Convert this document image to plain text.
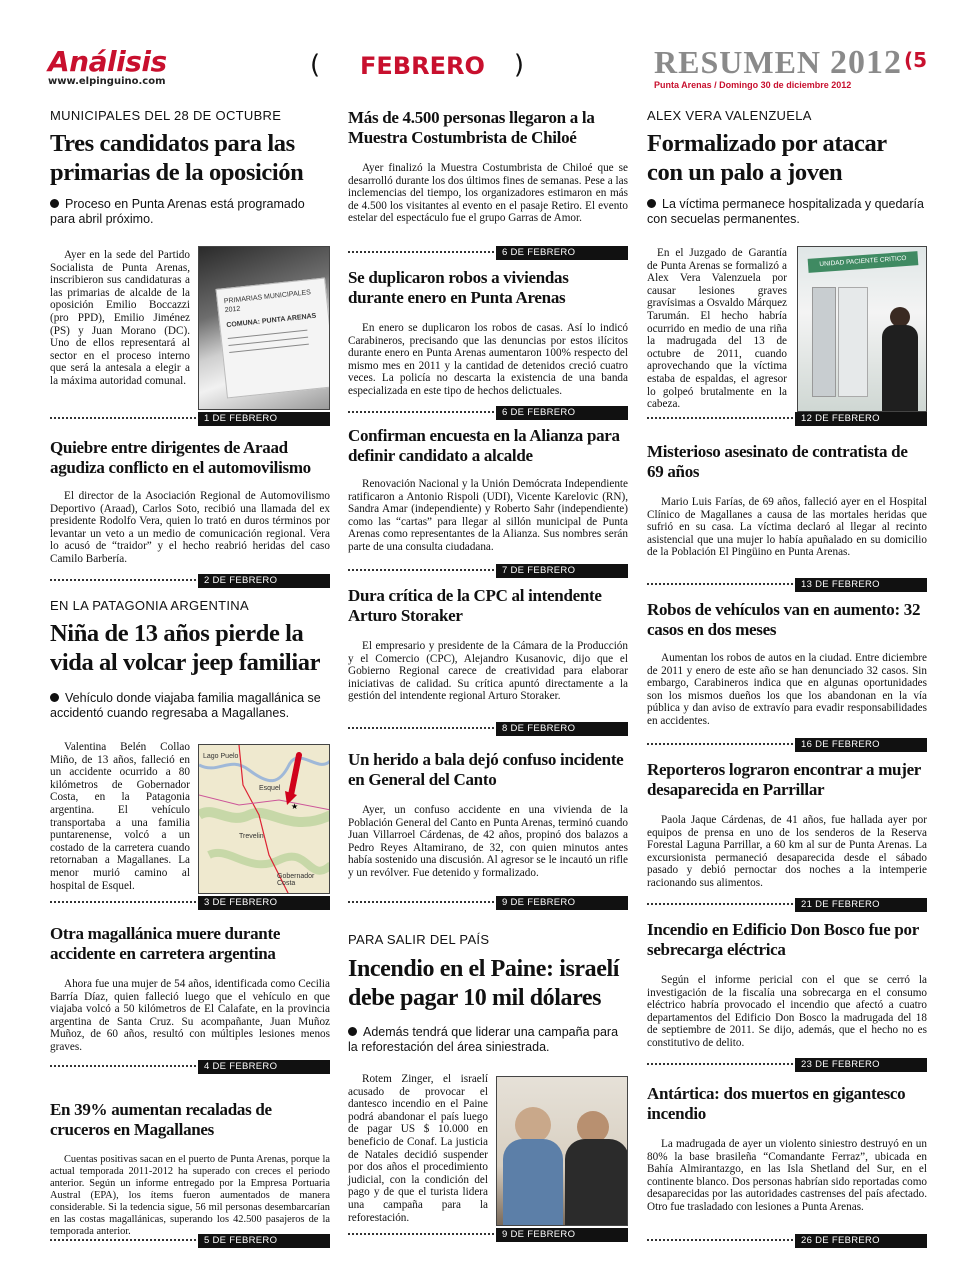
Análisis
www.elpinguino.com
( FEBRERO )	RESUMEN 2012 (5
Punta Arenas / Domingo 30 de diciembre 2012
MUNICIPALES DEL 28 DE OCTUBRE
Tres candidatos para las primarias de la oposición
Proceso en Punta Arenas está programado para abril próximo.
Ayer en la sede del Partido Socialista de Punta Arenas, inscribieron sus candidaturas a las primarias de alcalde de la oposición Emilio Boccazzi (pro PPD), Emilio Jiménez (PS) y Juan Morano (DC). Uno de ellos representará al sector en el proceso interno que será la antesala a elegir a la máxima autoridad comunal.
PRIMARIAS MUNICIPALES
2012
COMUNA: PUNTA ARENAS
1 DE FEBRERO
Quiebre entre dirigentes de Araad agudiza conflicto en el automovilismo
El director de la Asociación Regional de Automovilismo Deportivo (Araad), Carlos Soto, recibió una llamada del ex presidente Rodolfo Vera, quien lo trató en duros términos por levantar un veto a un medio de comunicación regional. Vera lo acusó de “traidor” y el hecho reabrió heridas del caso Camilo Barbería.
2 DE FEBRERO
EN LA PATAGONIA ARGENTINA
Niña de 13 años pierde la vida al volcar jeep familiar
Vehículo donde viajaba familia magallánica se accidentó cuando regresaba a Magallanes.
Valentina Belén Collao Miño, de 13 años, falleció en un accidente ocurrido a 80 kilómetros de Gobernador Costa, en la Patagonia argentina. El vehículo transportaba a una familia puntarenense, volcó a un costado de la carretera cuando retornaban a Magallanes. La menor murió camino al hospital de Esquel.
★
Lago Puelo
Esquel
Trevelin
Gobernador Costa
3 DE FEBRERO
Otra magallánica muere durante accidente en carretera argentina
Ahora fue una mujer de 54 años, identificada como Cecilia Barría Díaz, quien falleció luego que el vehículo en que viajaba volcó a 50 kilómetros de El Calafate, en la provincia argentina de Santa Cruz. Su acompañante, Juan Muñoz Muñoz, de 60 años, resultó con múltiples lesiones menos graves.
4 DE FEBRERO
En 39% aumentan recaladas de cruceros en Magallanes
Cuentas positivas sacan en el puerto de Punta Arenas, porque la actual temporada 2011-2012 ha superado con creces el periodo anterior. Según un informe entregado por la Empresa Portuaria Austral (EPA), los ítems fueron aumentados de manera considerable. Si la tedencia sigue, 56 mil personas desembarcarían en las costas magallánicas, superando los 42.500 pasajeros de la temporada anterior.
5 DE FEBRERO
Más de 4.500 personas llegaron a la Muestra Costumbrista de Chiloé
Ayer finalizó la Muestra Costumbrista de Chiloé que se desarrolló durante los dos últimos fines de semanas. Pese a las inclemencias del tiempo, los organizadores estimaron en más de 4.500 los visitantes al evento en el pasaje Retiro. El evento estelar del espectáculo fue el grupo Garras de Amor.
6 DE FEBRERO
Se duplicaron robos a viviendas durante enero en Punta Arenas
En enero se duplicaron los robos de casas. Así lo indicó Carabineros, precisando que las denuncias por estos ilícitos durante enero en Punta Arenas aumentaron 100% respecto del mismo mes en 2011 y la cantidad de detenidos creció cuatro veces. La policía no descarta la existencia de una banda especializada en este tipo de hechos delictuales.
6 DE FEBRERO
Confirman encuesta en la Alianza para definir candidato a alcalde
Renovación Nacional y la Unión Demócrata Independiente ratificaron a Antonio Rispoli (UDI), Vicente Karelovic (RN), Sandra Amar (independiente) y Roberto Sahr (independiente) como las “cartas” para llegar al sillón municipal de Punta Arenas como representantes de la Alianza. Sus nombres serán parte de una consulta ciudadana.
7 DE FEBRERO
Dura crítica de la CPC al intendente Arturo Storaker
El empresario y presidente de la Cámara de la Producción y el Comercio (CPC), Alejandro Kusanovic, dijo que el Gobierno Regional carece de creatividad para elaborar iniciativas de calidad. Su crítica apuntó directamente a la gestión del intendente regional Arturo Storaker.
8 DE FEBRERO
Un herido a bala dejó confuso incidente en General del Canto
Ayer, un confuso accidente en una vivienda de la Población General del Canto en Punta Arenas, terminó cuando Juan Villarroel Cárdenas, de 42 años, propinó dos balazos a Pedro Reyes Altamirano, de 32, con quien minutos antes había sostenido una discusión. Al agresor se le incautó un rifle y un revólver. Fue detenido y formalizado.
9 DE FEBRERO
PARA SALIR DEL PAÍS
Incendio en el Paine: israelí debe pagar 10 mil dólares
Además tendrá que liderar una campaña para la reforestación del área siniestrada.
Rotem Zinger, el israelí acusado de provocar el dantesco incendio en el Paine podrá abandonar el país luego de pagar US $ 10.000 en beneficio de Conaf. La justicia de Natales decidió suspender por dos años el procedimiento judicial, con la condición del pago y de que el turista lidera una campaña para la reforestación.
9 DE FEBRERO
ALEX VERA VALENZUELA
Formalizado por atacar con un palo a joven
La víctima permanece hospitalizada y quedaría con secuelas permanentes.
En el Juzgado de Garantía de Punta Arenas se formalizó a Alex Vera Valenzuela por causar lesiones graves gravísimas a Osvaldo Márquez Tarumán. El hecho habría ocurrido en medio de una riña la madrugada del 13 de octubre de 2011, cuando aprovechando que la víctima estaba de espaldas, el agresor lo golpeó brutalmente en la cabeza.
UNIDAD PACIENTE CRITICO
12 DE FEBRERO
Misterioso asesinato de contratista de 69 años
Mario Luis Farías, de 69 años, falleció ayer en el Hospital Clínico de Magallanes a causa de las mortales heridas que sufrió en su casa. La víctima declaró al llegar al recinto asistencial que una mujer lo había apuñalado en su domicilio de la Población El Pingüino en Punta Arenas.
13 DE FEBRERO
Robos de vehículos van en aumento: 32 casos en dos meses
Aumentan los robos de autos en la ciudad. Entre diciembre de 2011 y enero de este año se han denunciado 32 casos. Sin embargo, Carabineros indica que en algunas oportunidades son los mismos dueños los que los abandonan en la vía pública y dan aviso de extravío para evadir responsabilidades en accidentes.
16 DE FEBRERO
Reporteros lograron encontrar a mujer desaparecida en Parrillar
Paola Jaque Cárdenas, de 41 años, fue hallada ayer por equipos de prensa en uno de los senderos de la Reserva Forestal Laguna Parrillar, a 60 km al sur de Punta Arenas. La excursionista permaneció desaparecida desde el sábado pasado y debió pernoctar dos noches a la intemperie racionando sus alimentos.
21 DE FEBRERO
Incendio en Edificio Don Bosco fue por sebrecarga eléctrica
Según el informe pericial con el que se cerró la investigación de la fiscalía una sobrecarga en el consumo eléctrico habría provocado el incendio que afectó a cuatro departamentos del Edificio Don Bosco la madrugada del 18 de septiembre de 2011. Se dijo, además, que el hecho no es constitutivo de delito.
23 DE FEBRERO
Antártica: dos muertos en gigantesco incendio
La madrugada de ayer un violento siniestro destruyó en un 80% la base brasileña “Comandante Ferraz”, ubicada en Bahía Almirantazgo, en las Isla Shetland del Sur, en el continente blanco. Dos personas habrían sido reportadas como desaparecidas por las autoridades castrenses del país afectado. Otro fue trasladado con lesiones a Punta Arenas.
26 DE FEBRERO
